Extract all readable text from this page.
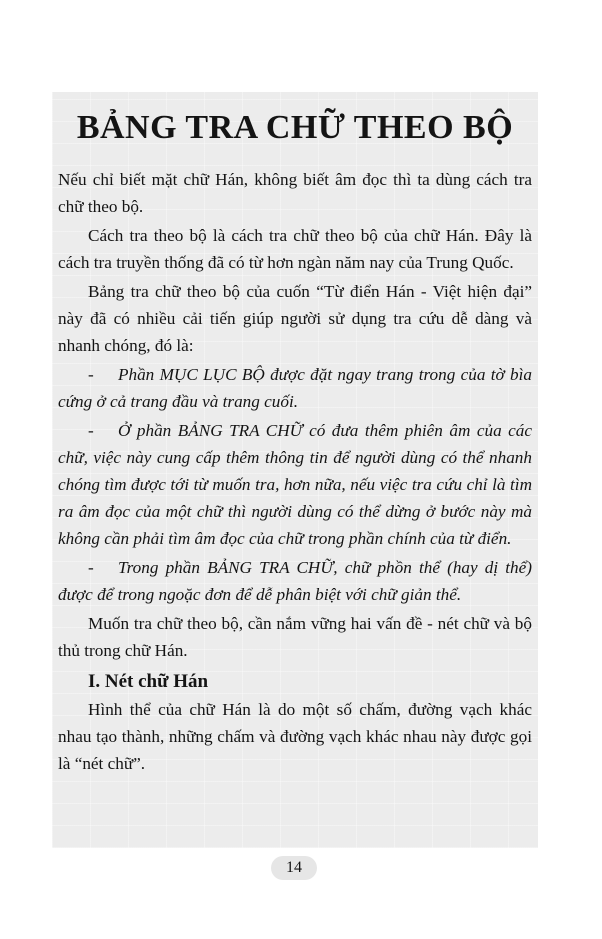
BẢNG TRA CHỮ THEO BỘ

Nếu chỉ biết mặt chữ Hán, không biết âm đọc thì ta dùng cách tra chữ theo bộ.

Cách tra theo bộ là cách tra chữ theo bộ của chữ Hán. Đây là cách tra truyền thống đã có từ hơn ngàn năm nay của Trung Quốc.

Bảng tra chữ theo bộ của cuốn “Từ điển Hán - Việt hiện đại” này đã có nhiều cải tiến giúp người sử dụng tra cứu dễ dàng và nhanh chóng, đó là:

- Phần MỤC LỤC BỘ được đặt ngay trang trong của tờ bìa cứng ở cả trang đầu và trang cuối.

- Ở phần BẢNG TRA CHỮ có đưa thêm phiên âm của các chữ, việc này cung cấp thêm thông tin để người dùng có thể nhanh chóng tìm được tới từ muốn tra, hơn nữa, nếu việc tra cứu chỉ là tìm ra âm đọc của một chữ thì người dùng có thể dừng ở bước này mà không cần phải tìm âm đọc của chữ trong phần chính của từ điển.

- Trong phần BẢNG TRA CHỮ, chữ phồn thể (hay dị thể) được để trong ngoặc đơn để dễ phân biệt với chữ giản thể.

Muốn tra chữ theo bộ, cần nắm vững hai vấn đề - nét chữ và bộ thủ trong chữ Hán.

I. Nét chữ Hán

Hình thể của chữ Hán là do một số chấm, đường vạch khác nhau tạo thành, những chấm và đường vạch khác nhau này được gọi là “nét chữ”.

14
